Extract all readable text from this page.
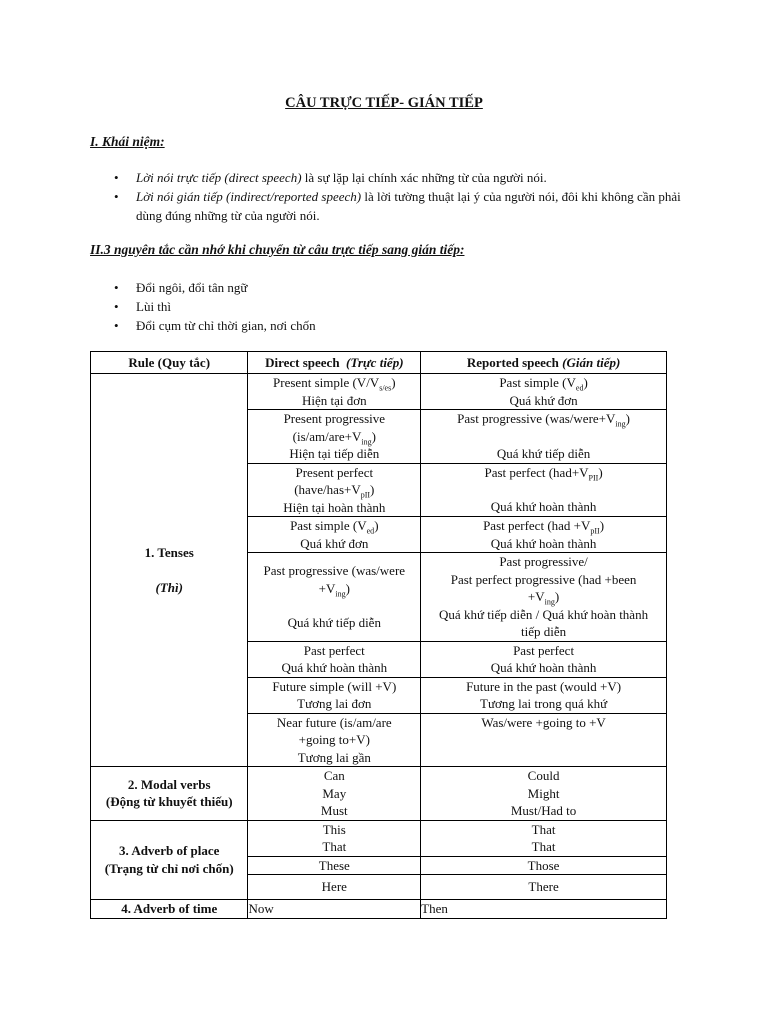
CÂU TRỰC TIẾP- GIÁN TIẾP
I. Khái niệm:
• Lời nói trực tiếp (direct speech) là sự lặp lại chính xác những từ của người nói.
• Lời nói gián tiếp (indirect/reported speech) là lời tường thuật lại ý của người nói, đôi khi không cần phải dùng đúng những từ của người nói.
II.3 nguyên tắc cần nhớ khi chuyển từ câu trực tiếp sang gián tiếp:
• Đổi ngôi, đổi tân ngữ
• Lùi thì
• Đổi cụm từ chỉ thời gian, nơi chốn
Rule (Quy tắc)	Direct speech (Trực tiếp)	Reported speech (Gián tiếp)

1. Tenses
(Thì)	Present simple $(V/V_{s/es})$
Hiện tại đơn	Past simple $(V_{ed})$
Quá khứ đơn

	Present progressive
$(is/am/are+V_{ing})$
Hiện tại tiếp diễn	Past progressive $(was/were+V_{ing})$
Quá khứ tiếp diễn

	Present perfect
$(have/has+V_{pII})$
Hiện tại hoàn thành	Past perfect $(had+V_{PII})$
Quá khứ hoàn thành

	Past simple $(V_{ed})$
Quá khứ đơn	Past perfect $(had +V_{pII})$
Quá khứ hoàn thành

	Past progressive (was/were
$+V_{ing}$)
Quá khứ tiếp diễn	Past progressive/
Past perfect progressive (had +been
$+V_{ing}$)
Quá khứ tiếp diễn / Quá khứ hoàn thành
tiếp diễn

	Past perfect
Quá khứ hoàn thành	Past perfect
Quá khứ hoàn thành

	Future simple (will +V)
Tương lai đơn	Future in the past (would +V)
Tương lai trong quá khứ

	Near future (is/am/are
+going to+V)
Tương lai gần	Was/were +going to +V

2. Modal verbs
(Động từ khuyết thiếu)	Can
May
Must	Could
Might
Must/Had to

3. Adverb of place
(Trạng từ chỉ nơi chốn)	This
That	That
That

	These	Those

	Here	There

4. Adverb of time	Now	Then
